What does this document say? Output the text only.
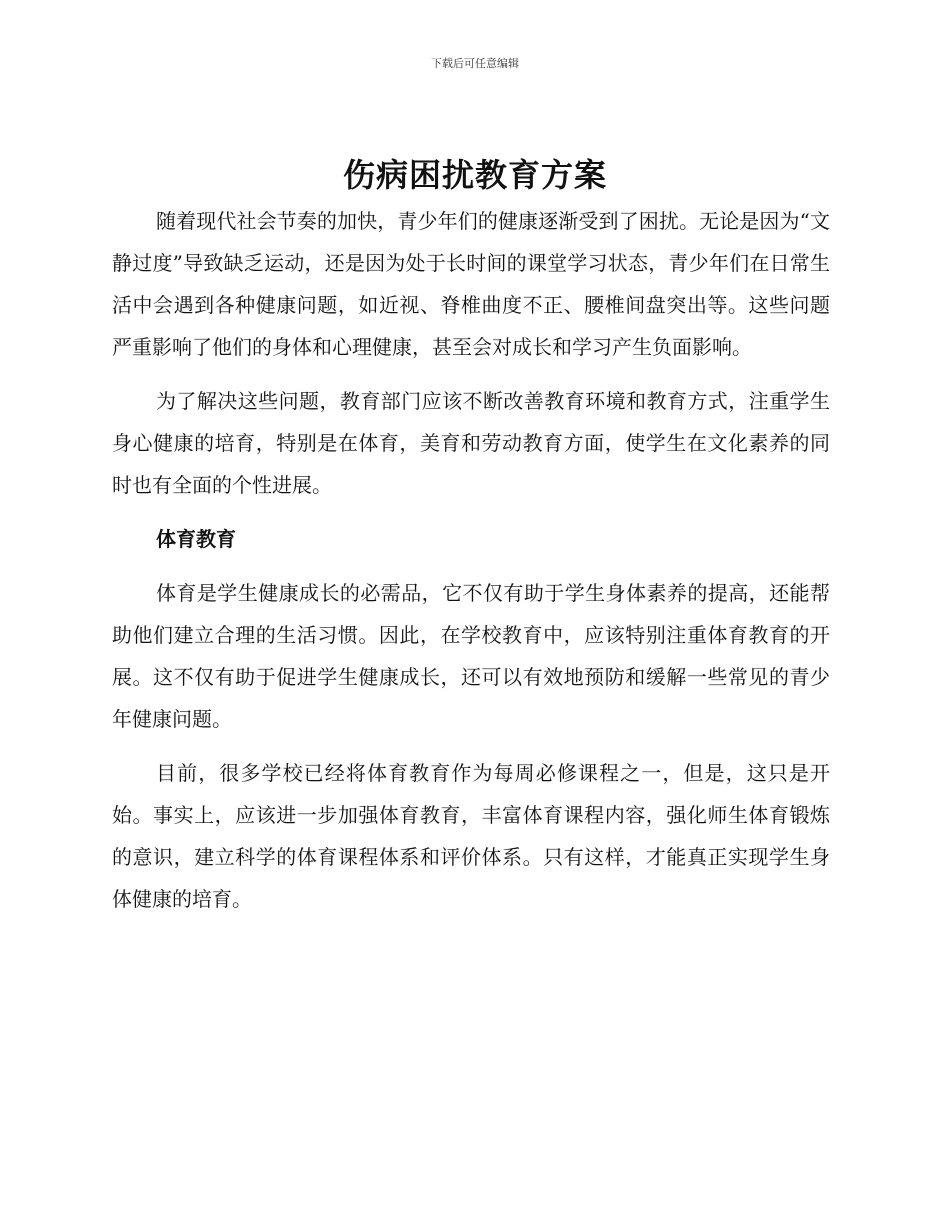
下载后可任意编辑
伤病困扰教育方案

随着现代社会节奏的加快，青少年们的健康逐渐受到了困扰。无论是因为“文静过度”导致缺乏运动，还是因为处于长时间的课堂学习状态，青少年们在日常生活中会遇到各种健康问题，如近视、脊椎曲度不正、腰椎间盘突出等。这些问题严重影响了他们的身体和心理健康，甚至会对成长和学习产生负面影响。

为了解决这些问题，教育部门应该不断改善教育环境和教育方式，注重学生身心健康的培育，特别是在体育，美育和劳动教育方面，使学生在文化素养的同时也有全面的个性进展。

体育教育

体育是学生健康成长的必需品，它不仅有助于学生身体素养的提高，还能帮助他们建立合理的生活习惯。因此，在学校教育中，应该特别注重体育教育的开展。这不仅有助于促进学生健康成长，还可以有效地预防和缓解一些常见的青少年健康问题。

目前，很多学校已经将体育教育作为每周必修课程之一，但是，这只是开始。事实上，应该进一步加强体育教育，丰富体育课程内容，强化师生体育锻炼的意识，建立科学的体育课程体系和评价体系。只有这样，才能真正实现学生身体健康的培育。
